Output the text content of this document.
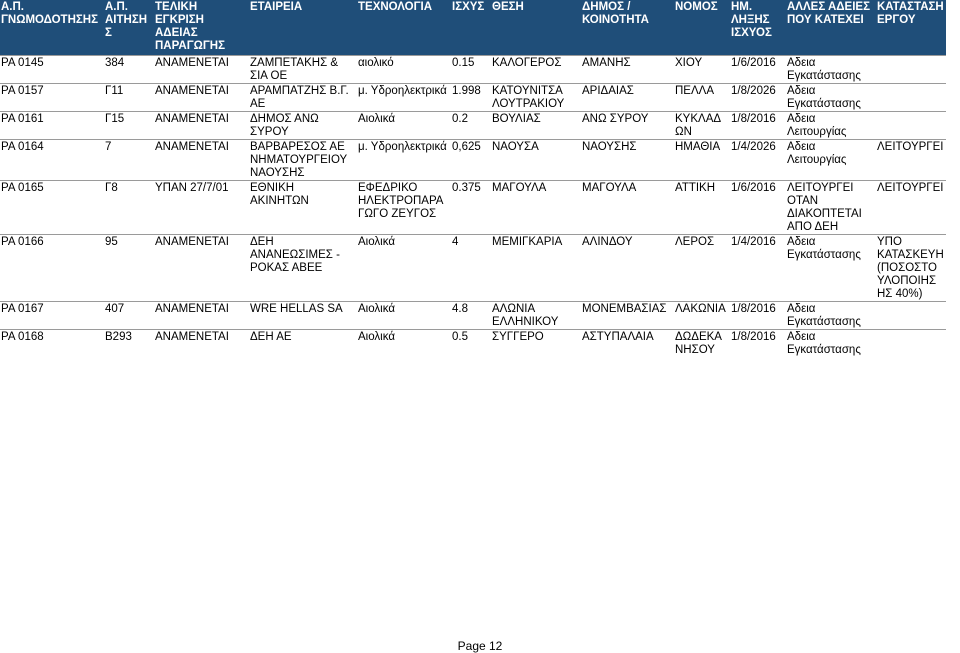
Α.Π. ΓΝΩΜΟΔΟΤΗΣΗΣ	Α.Π. ΑΙΤΗΣΗΣ	ΤΕΛΙΚΗ ΕΓΚΡΙΣΗ ΑΔΕΙΑΣ ΠΑΡΑΓΩΓΗΣ	ΕΤΑΙΡΕΙΑ	ΤΕΧΝΟΛΟΓΙΑ	ΙΣΧΥΣ	ΘΕΣΗ	ΔΗΜΟΣ / ΚΟΙΝΟΤΗΤΑ	ΝΟΜΟΣ	ΗΜ. ΛΗΞΗΣ ΙΣΧΥΟΣ	ΑΛΛΕΣ ΑΔΕΙΕΣ ΠΟΥ ΚΑΤΕΧΕΙ	ΚΑΤΑΣΤΑΣΗ ΕΡΓΟΥ
ΡΑ 0145	384	ΑΝΑΜΕΝΕΤΑΙ	ΖΑΜΠΕΤΑΚΗΣ & ΣΙΑ ΟΕ	αιολικό	0.15	ΚΑΛΟΓΕΡΟΣ	ΑΜΑΝΗΣ	ΧΙΟΥ	1/6/2016	Αδεια Εγκατάστασης	
ΡΑ 0157	Γ11	ΑΝΑΜΕΝΕΤΑΙ	ΑΡΑΜΠΑΤΖΗΣ Β.Γ. ΑΕ	μ. Υδροηλεκτρικά	1.998	ΚΑΤΟΥΝΙΤΣΑ ΛΟΥΤΡΑΚΙΟΥ	ΑΡΙΔΑΙΑΣ	ΠΕΛΛΑ	1/8/2026	Αδεια Εγκατάστασης	
ΡΑ 0161	Γ15	ΑΝΑΜΕΝΕΤΑΙ	ΔΗΜΟΣ ΑΝΩ ΣΥΡΟΥ	Αιολικά	0.2	ΒΟΥΛΙΑΣ	ΑΝΩ ΣΥΡΟΥ	ΚΥΚΛΑΔΩΝ	1/8/2016	Αδεια Λειτουργίας	
ΡΑ 0164	7	ΑΝΑΜΕΝΕΤΑΙ	ΒΑΡΒΑΡΕΣΟΣ ΑΕ ΝΗΜΑΤΟΥΡΓΕΙΟΥ ΝΑΟΥΣΗΣ	μ. Υδροηλεκτρικά	0,625	ΝΑΟΥΣΑ	ΝΑΟΥΣΗΣ	ΗΜΑΘΙΑ	1/4/2026	Αδεια Λειτουργίας	ΛΕΙΤΟΥΡΓΕΙ
ΡΑ 0165	Γ8	ΥΠΑΝ 27/7/01	ΕΘΝΙΚΗ ΑΚΙΝΗΤΩΝ	ΕΦΕΔΡΙΚΟ ΗΛΕΚΤΡΟΠΑΡΑΓΩΓΟ ΖΕΥΓΟΣ	0.375	ΜΑΓΟΥΛΑ	ΜΑΓΟΥΛΑ	ΑΤΤΙΚΗ	1/6/2016	ΛΕΙΤΟΥΡΓΕΙ ΟΤΑΝ ΔΙΑΚΟΠΤΕΤΑΙ ΑΠΟ ΔΕΗ	ΛΕΙΤΟΥΡΓΕΙ
ΡΑ 0166	95	ΑΝΑΜΕΝΕΤΑΙ	ΔΕΗ ΑΝΑΝΕΩΣΙΜΕΣ - ΡΟΚΑΣ ΑΒΕΕ	Αιολικά	4	ΜΕΜΙΓΚΑΡΙΑ	ΑΛΙΝΔΟΥ	ΛΕΡΟΣ	1/4/2016	Αδεια Εγκατάστασης	ΥΠΟ ΚΑΤΑΣΚΕΥΗ (ΠΟΣΟΣΤΟ ΥΛΟΠΟΙΗΣΗΣ 40%)
ΡΑ 0167	407	ΑΝΑΜΕΝΕΤΑΙ	WRE HELLAS SA	Αιολικά	4.8	ΑΛΩΝΙΑ ΕΛΛΗΝΙΚΟΥ	ΜΟΝΕΜΒΑΣΙΑΣ	ΛΑΚΩΝΙΑ	1/8/2016	Αδεια Εγκατάστασης	
ΡΑ 0168	Β293	ΑΝΑΜΕΝΕΤΑΙ	ΔΕΗ ΑΕ	Αιολικά	0.5	ΣΥΓΓΕΡΟ	ΑΣΤΥΠΑΛΑΙΑ	ΔΩΔΕΚΑΝΗΣΟΥ	1/8/2016	Αδεια Εγκατάστασης	
Page 12
